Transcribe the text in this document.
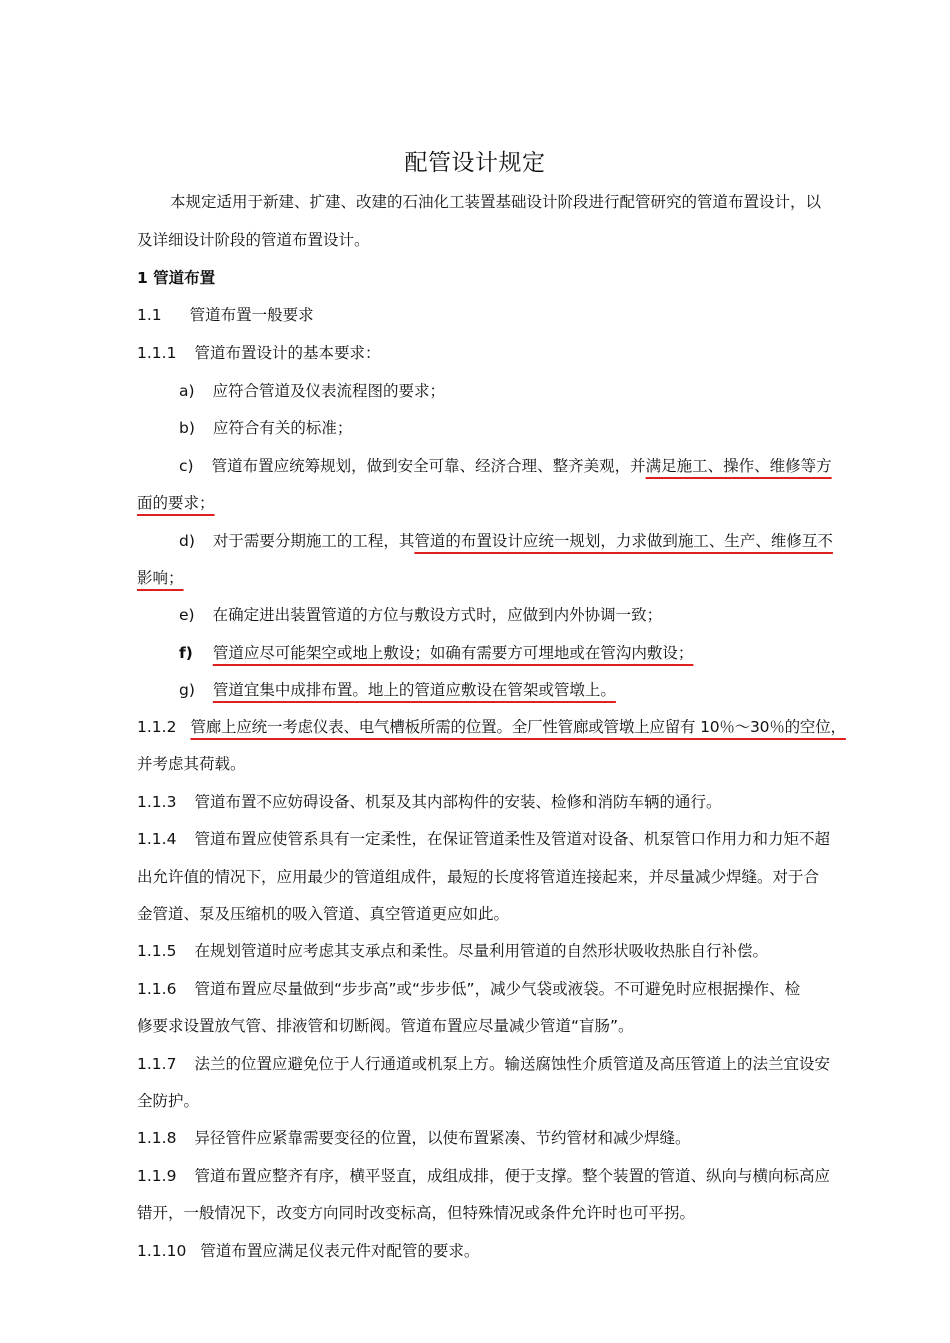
配管设计规定
本规定适用于新建、扩建、改建的石油化工装置基础设计阶段进行配管研究的管道布置设计，以
及详细设计阶段的管道布置设计。
1 管道布置
1.1 管道布置一般要求
1.1.1 管道布置设计的基本要求：
a) 应符合管道及仪表流程图的要求；
b) 应符合有关的标准；
c) 管道布置应统筹规划，做到安全可靠、经济合理、整齐美观，并满足施工、操作、维修等方
面的要求；
d) 对于需要分期施工的工程，其管道的布置设计应统一规划，力求做到施工、生产、维修互不
影响；
e) 在确定进出装置管道的方位与敷设方式时，应做到内外协调一致；
f) 管道应尽可能架空或地上敷设；如确有需要方可埋地或在管沟内敷设；
g) 管道宜集中成排布置。地上的管道应敷设在管架或管墩上。
1.1.2 管廊上应统一考虑仪表、电气槽板所需的位置。全厂性管廊或管墩上应留有 10％～30％的空位，
并考虑其荷载。
1.1.3 管道布置不应妨碍设备、机泵及其内部构件的安装、检修和消防车辆的通行。
1.1.4 管道布置应使管系具有一定柔性，在保证管道柔性及管道对设备、机泵管口作用力和力矩不超
出允许值的情况下，应用最少的管道组成件，最短的长度将管道连接起来，并尽量减少焊缝。对于合
金管道、泵及压缩机的吸入管道、真空管道更应如此。
1.1.5 在规划管道时应考虑其支承点和柔性。尽量利用管道的自然形状吸收热胀自行补偿。
1.1.6 管道布置应尽量做到“步步高”或“步步低”，减少气袋或液袋。不可避免时应根据操作、检
修要求设置放气管、排液管和切断阀。管道布置应尽量减少管道“盲肠”。
1.1.7 法兰的位置应避免位于人行通道或机泵上方。输送腐蚀性介质管道及高压管道上的法兰宜设安
全防护。
1.1.8 异径管件应紧靠需要变径的位置，以使布置紧凑、节约管材和减少焊缝。
1.1.9 管道布置应整齐有序，横平竖直，成组成排，便于支撑。整个装置的管道、纵向与横向标高应
错开，一般情况下，改变方向同时改变标高，但特殊情况或条件允许时也可平拐。
1.1.10 管道布置应满足仪表元件对配管的要求。
